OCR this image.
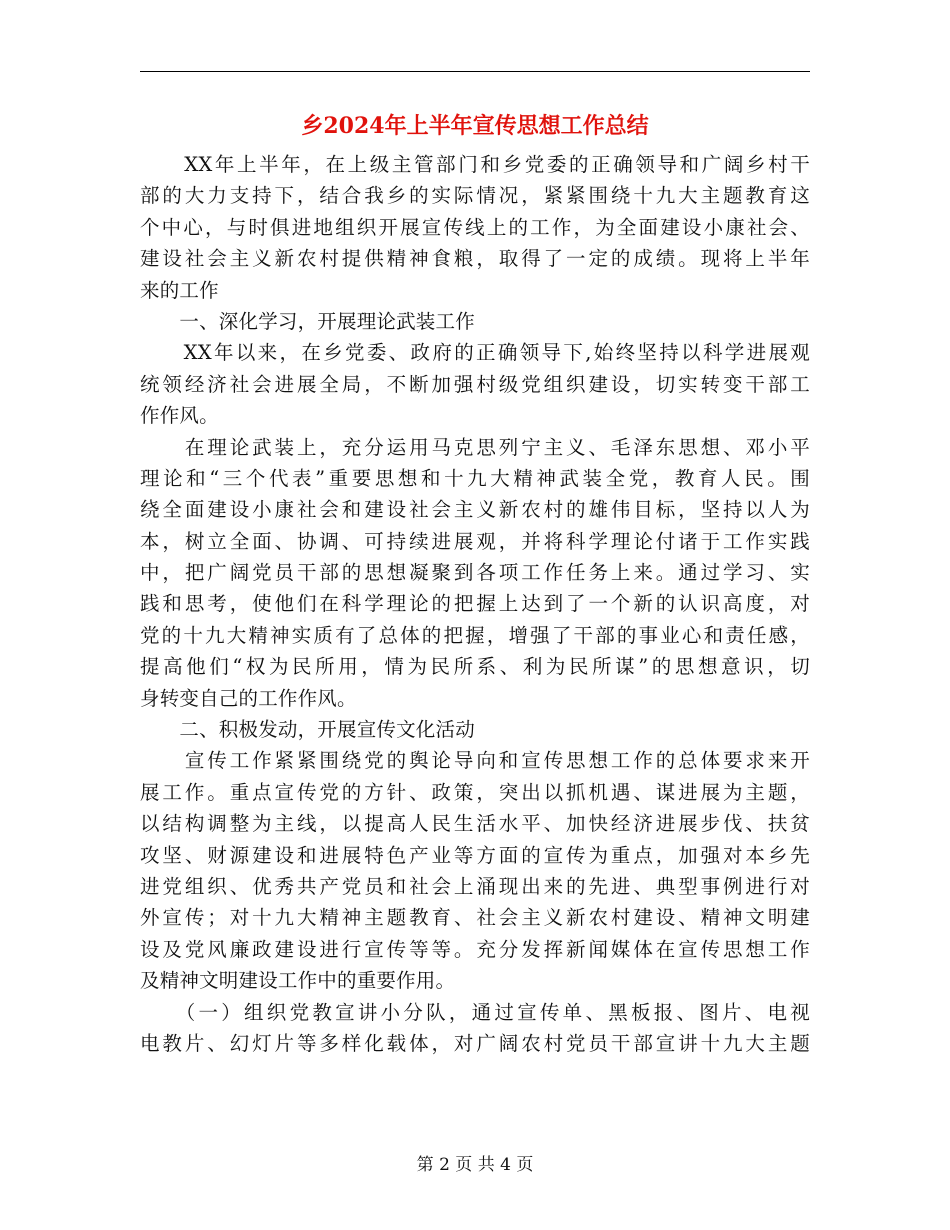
乡2024年上半年宣传思想工作总结
　　XX年上半年，在上级主管部门和乡党委的正确领导和广阔乡村干
部的大力支持下，结合我乡的实际情况，紧紧围绕十九大主题教育这
个中心，与时俱进地组织开展宣传线上的工作，为全面建设小康社会、
建设社会主义新农村提供精神食粮，取得了一定的成绩。现将上半年
来的工作
　　一、深化学习，开展理论武装工作
　　XX年以来，在乡党委、政府的正确领导下,始终坚持以科学进展观
统领经济社会进展全局，不断加强村级党组织建设，切实转变干部工
作作风。
　　在理论武装上，充分运用马克思列宁主义、毛泽东思想、邓小平
理论和“三个代表”重要思想和十九大精神武装全党，教育人民。围
绕全面建设小康社会和建设社会主义新农村的雄伟目标，坚持以人为
本，树立全面、协调、可持续进展观，并将科学理论付诸于工作实践
中，把广阔党员干部的思想凝聚到各项工作任务上来。通过学习、实
践和思考，使他们在科学理论的把握上达到了一个新的认识高度，对
党的十九大精神实质有了总体的把握，增强了干部的事业心和责任感，
提高他们“权为民所用，情为民所系、利为民所谋”的思想意识，切
身转变自己的工作作风。
　　二、积极发动，开展宣传文化活动
　　宣传工作紧紧围绕党的舆论导向和宣传思想工作的总体要求来开
展工作。重点宣传党的方针、政策，突出以抓机遇、谋进展为主题，
以结构调整为主线，以提高人民生活水平、加快经济进展步伐、扶贫
攻坚、财源建设和进展特色产业等方面的宣传为重点，加强对本乡先
进党组织、优秀共产党员和社会上涌现出来的先进、典型事例进行对
外宣传；对十九大精神主题教育、社会主义新农村建设、精神文明建
设及党风廉政建设进行宣传等等。充分发挥新闻媒体在宣传思想工作
及精神文明建设工作中的重要作用。
　　（一）组织党教宣讲小分队，通过宣传单、黑板报、图片、电视
电教片、幻灯片等多样化载体，对广阔农村党员干部宣讲十九大主题
第 2 页 共 4 页
